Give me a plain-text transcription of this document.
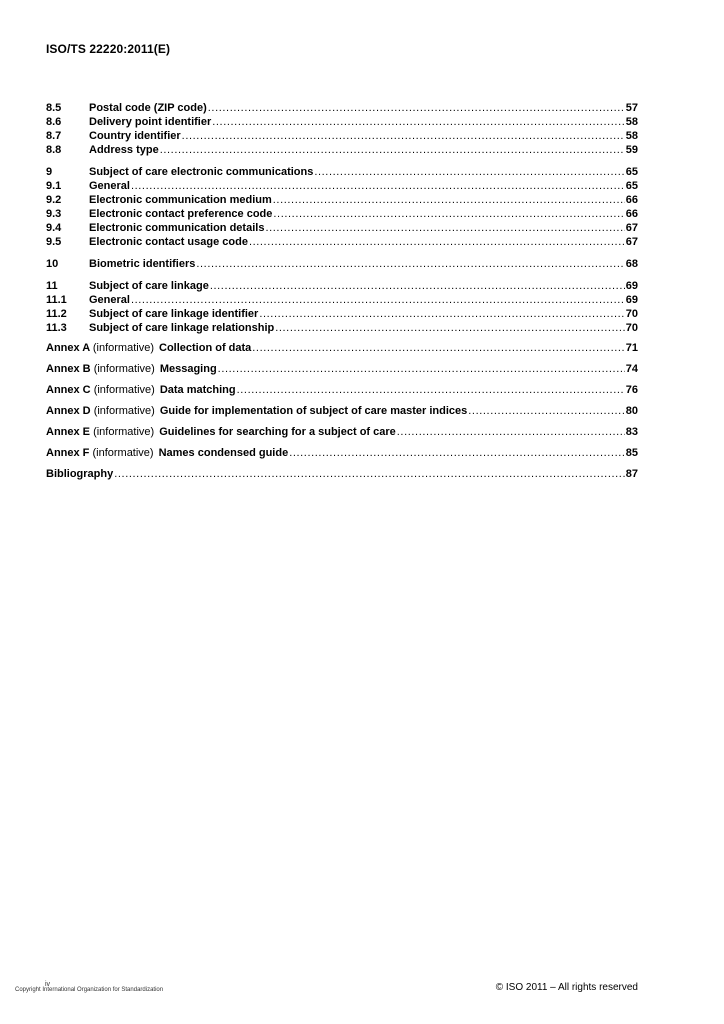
ISO/TS 22220:2011(E)
8.5	Postal code (ZIP code) .....	57
8.6	Delivery point identifier .....	58
8.7	Country identifier .....	58
8.8	Address type .....	59
9	Subject of care electronic communications .....	65
9.1	General .....	65
9.2	Electronic communication medium .....	66
9.3	Electronic contact preference code .....	66
9.4	Electronic communication details .....	67
9.5	Electronic contact usage code .....	67
10	Biometric identifiers .....	68
11	Subject of care linkage .....	69
11.1	General .....	69
11.2	Subject of care linkage identifier .....	70
11.3	Subject of care linkage relationship .....	70
Annex A (informative) Collection of data .....	71
Annex B (informative) Messaging .....	74
Annex C (informative) Data matching .....	76
Annex D (informative) Guide for implementation of subject of care master indices .....	80
Annex E (informative) Guidelines for searching for a subject of care .....	83
Annex F (informative) Names condensed guide .....	85
Bibliography .....	87
iv
Copyright International Organization for Standardization	© ISO 2011 – All rights reserved
